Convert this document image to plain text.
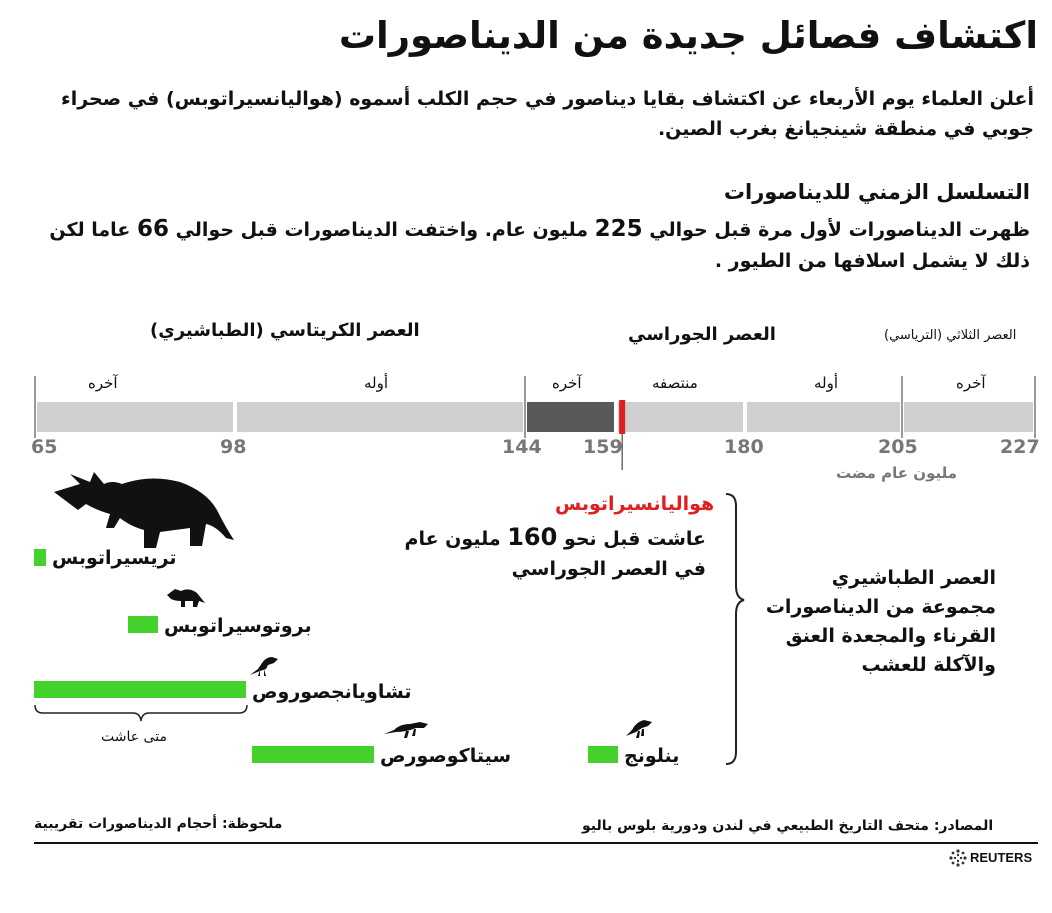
اكتشاف فصائل جديدة من الديناصورات
أعلن العلماء يوم الأربعاء عن اكتشاف بقايا ديناصور في حجم الكلب أسموه (هواليانسيراتوبس) في صحراء جوبي في منطقة شينجيانغ بغرب الصين.
التسلسل الزمني للديناصورات
ظهرت الديناصورات لأول مرة قبل حوالي 225 مليون عام. واختفت الديناصورات قبل حوالي 66 عاما لكن ذلك لا يشمل اسلافها من الطيور .
العصر الكريتاسي (الطباشيري)	العصر الجوراسي	العصر الثلاثي (الترياسي)
آخره	أوله	آخره	منتصفه	أوله	آخره
65	98	144 159	180	205	227
مليون عام مضت
هواليانسيراتوبس
عاشت قبل نحو 160 مليون عام
في العصر الجوراسي	العصر الطباشيري
مجموعة من الديناصورات
القرناء والمجعدة العنق
والآكلة للعشب
تريسيراتوبس
بروتوسيراتوبس
تشاويانجصوروص
سيتاكوصورص	ينلونج
متى عاشت
ملحوظة: أحجام الديناصورات تقريبية	المصادر: متحف التاريخ الطبيعي في لندن ودورية بلوس باليو
REUTERS
